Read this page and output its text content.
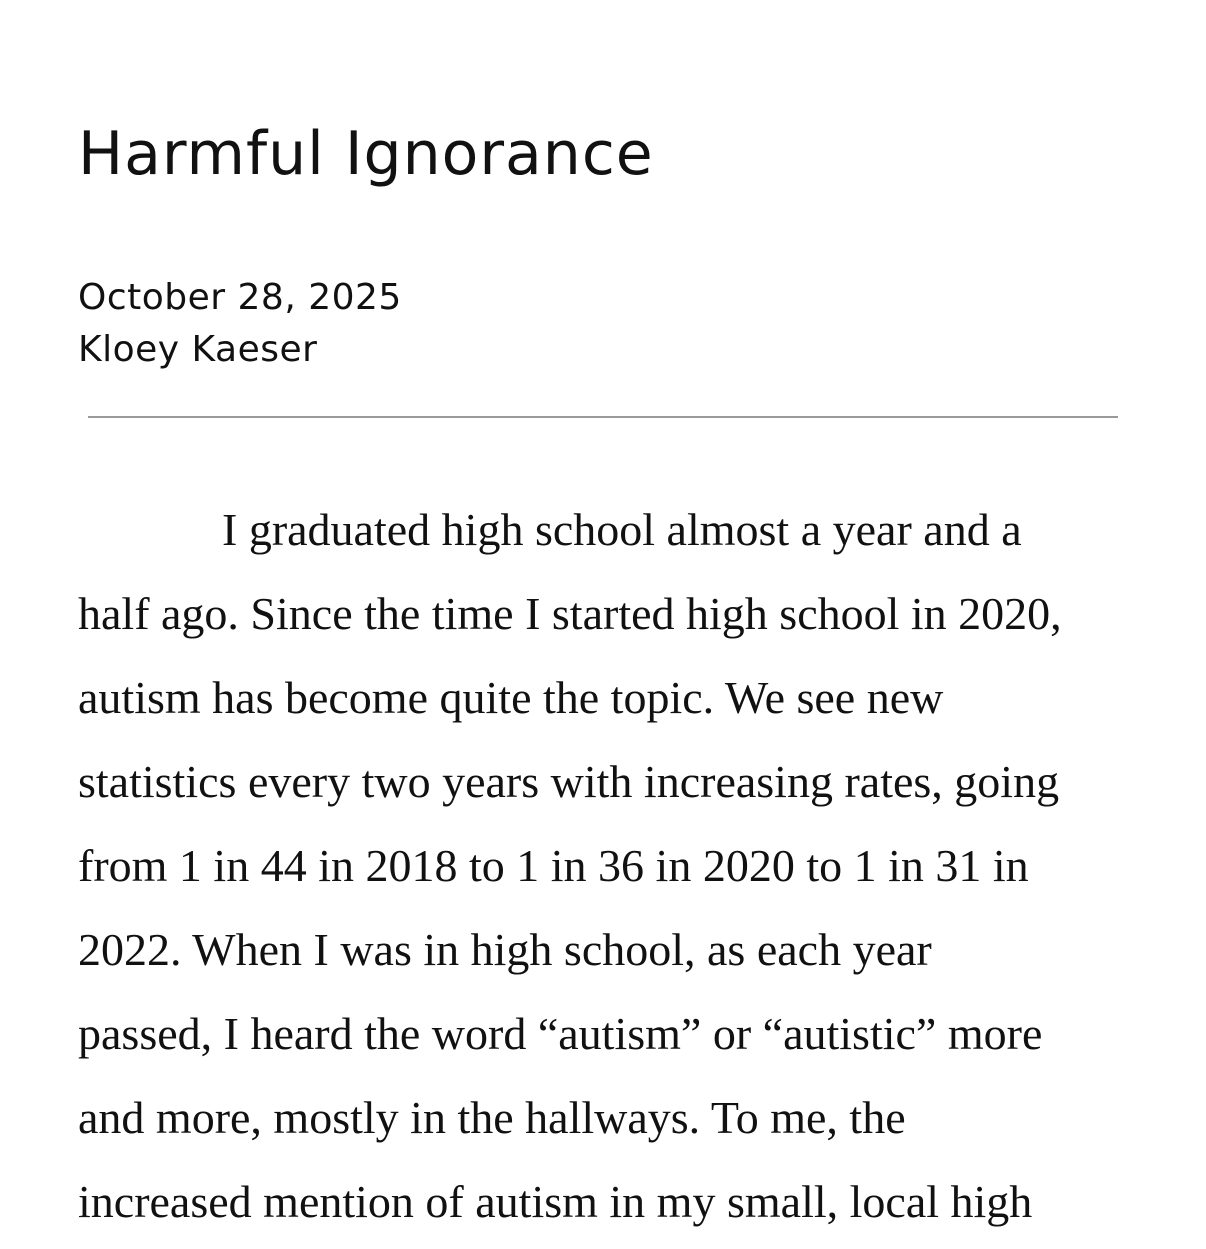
Harmful Ignorance
October 28, 2025
Kloey Kaeser

I graduated high school almost a year and a
half ago. Since the time I started high school in 2020,
autism has become quite the topic. We see new
statistics every two years with increasing rates, going
from 1 in 44 in 2018 to 1 in 36 in 2020 to 1 in 31 in
2022. When I was in high school, as each year
passed, I heard the word “autism” or “autistic” more
and more, mostly in the hallways. To me, the
increased mention of autism in my small, local high
